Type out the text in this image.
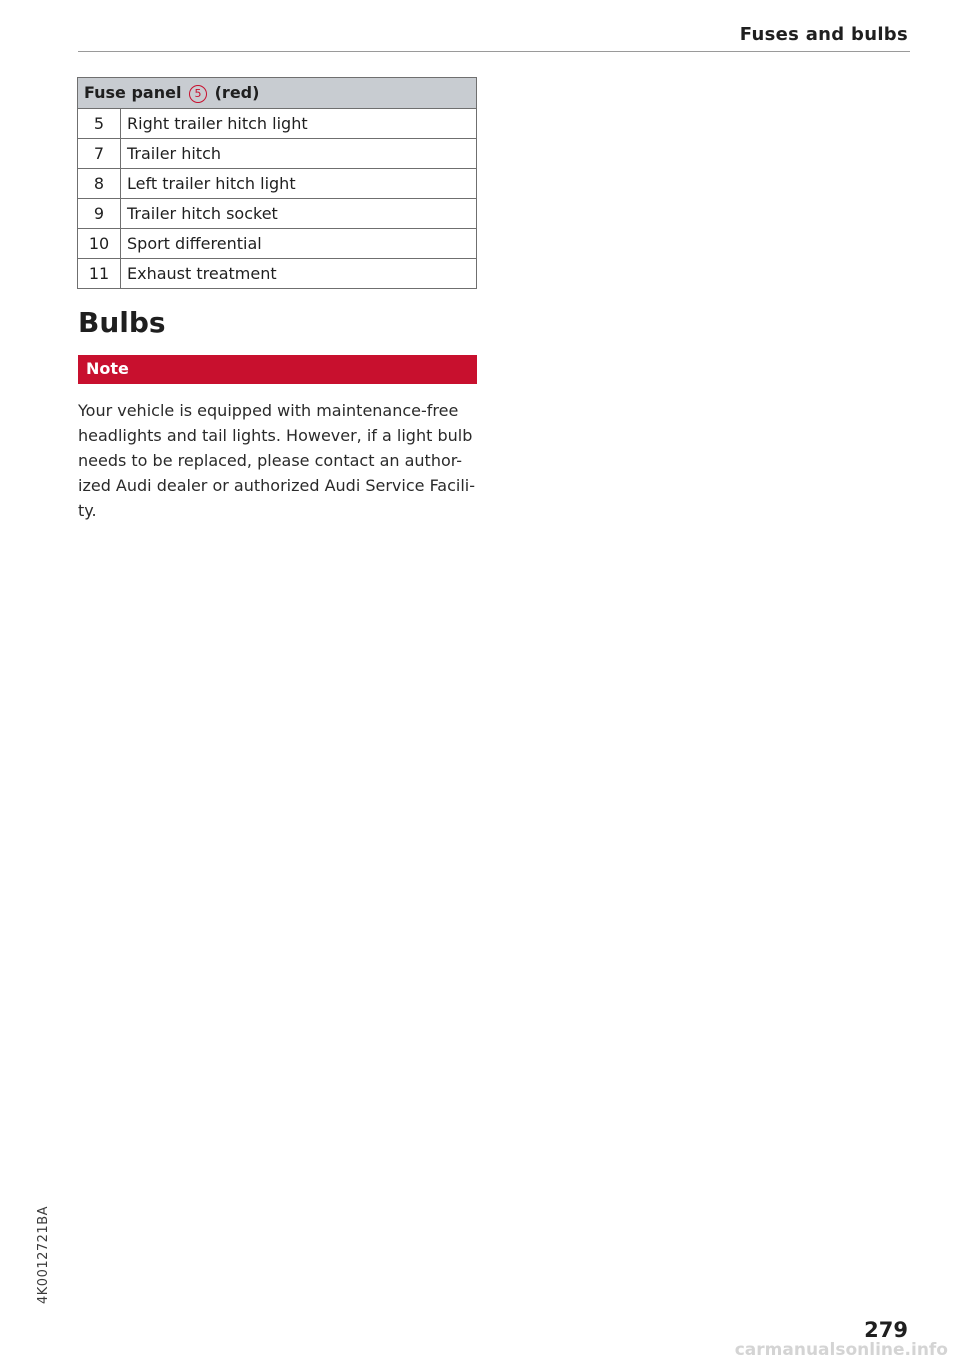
Fuses and bulbs
Fuse panel 5 (red)	
5	Right trailer hitch light
7	Trailer hitch
8	Left trailer hitch light
9	Trailer hitch socket
10	Sport differential
11	Exhaust treatment
Bulbs
Note

Your vehicle is equipped with maintenance-free
headlights and tail lights. However, if a light bulb
needs to be replaced, please contact an author-
ized Audi dealer or authorized Audi Service Facili-
ty.

4K0012721BA
279
carmanualsonline.info
